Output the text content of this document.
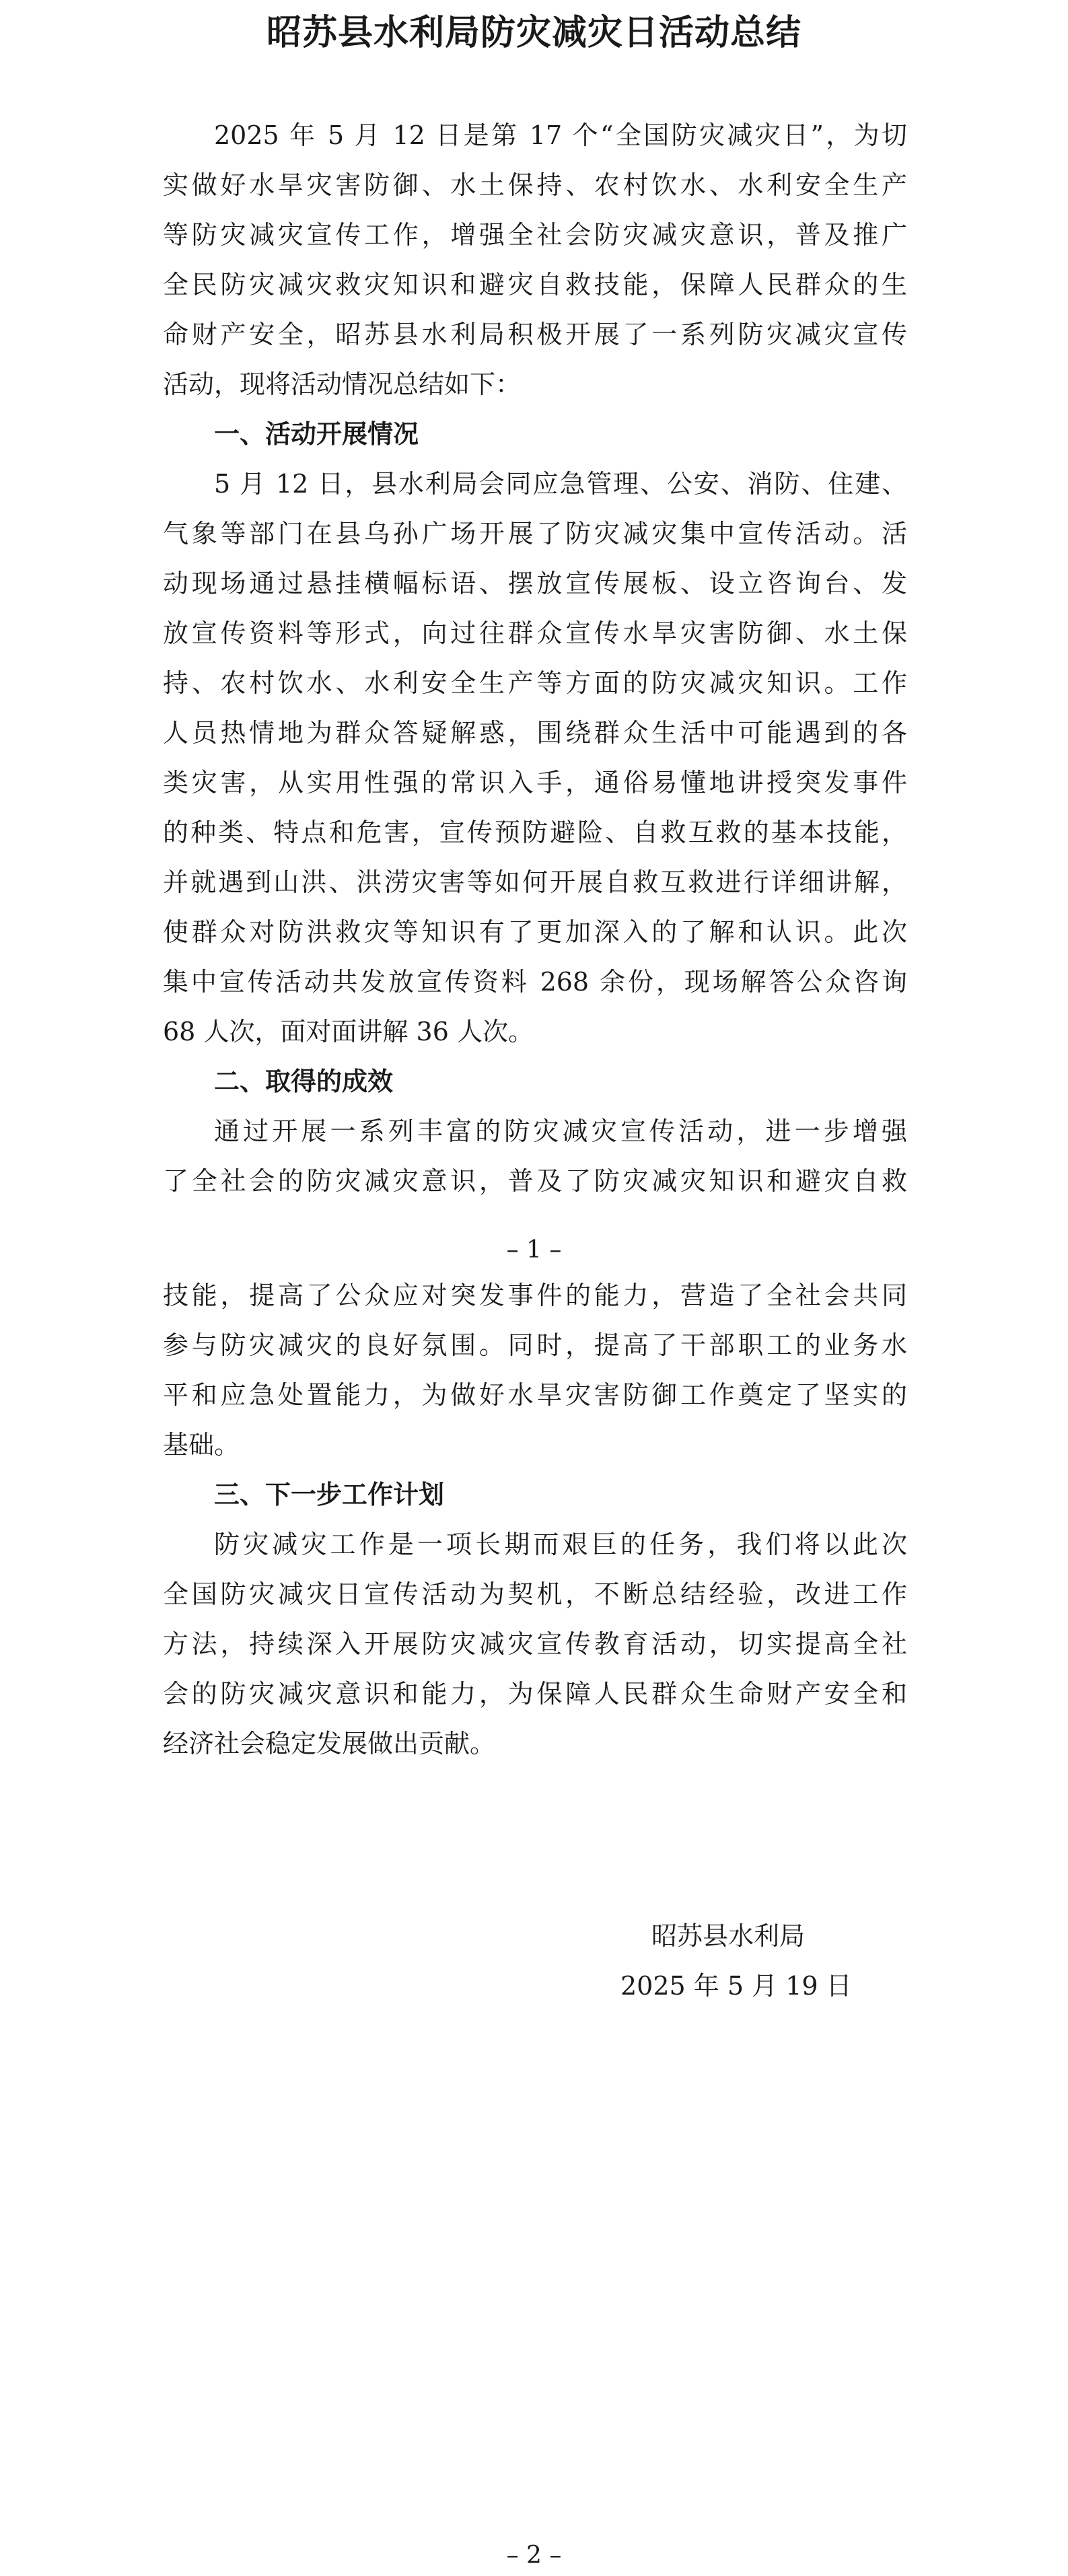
昭苏县水利局防灾减灾日活动总结
2025 年 5 月 12 日是第 17 个“全国防灾减灾日”，为切
实做好水旱灾害防御、水土保持、农村饮水、水利安全生产
等防灾减灾宣传工作，增强全社会防灾减灾意识，普及推广
全民防灾减灾救灾知识和避灾自救技能，保障人民群众的生
命财产安全，昭苏县水利局积极开展了一系列防灾减灾宣传
活动，现将活动情况总结如下：
一、活动开展情况
5 月 12 日，县水利局会同应急管理、公安、消防、住建、
气象等部门在县乌孙广场开展了防灾减灾集中宣传活动。活
动现场通过悬挂横幅标语、摆放宣传展板、设立咨询台、发
放宣传资料等形式，向过往群众宣传水旱灾害防御、水土保
持、农村饮水、水利安全生产等方面的防灾减灾知识。工作
人员热情地为群众答疑解惑，围绕群众生活中可能遇到的各
类灾害，从实用性强的常识入手，通俗易懂地讲授突发事件
的种类、特点和危害，宣传预防避险、自救互救的基本技能，
并就遇到山洪、洪涝灾害等如何开展自救互救进行详细讲解，
使群众对防洪救灾等知识有了更加深入的了解和认识。此次
集中宣传活动共发放宣传资料 268 余份，现场解答公众咨询
68 人次，面对面讲解 36 人次。
二、取得的成效
通过开展一系列丰富的防灾减灾宣传活动，进一步增强
了全社会的防灾减灾意识，普及了防灾减灾知识和避灾自救
– 1 –
技能，提高了公众应对突发事件的能力，营造了全社会共同
参与防灾减灾的良好氛围。同时，提高了干部职工的业务水
平和应急处置能力，为做好水旱灾害防御工作奠定了坚实的
基础。
三、下一步工作计划
防灾减灾工作是一项长期而艰巨的任务，我们将以此次
全国防灾减灾日宣传活动为契机，不断总结经验，改进工作
方法，持续深入开展防灾减灾宣传教育活动，切实提高全社
会的防灾减灾意识和能力，为保障人民群众生命财产安全和
经济社会稳定发展做出贡献。
昭苏县水利局
2025 年 5 月 19 日
– 2 –
